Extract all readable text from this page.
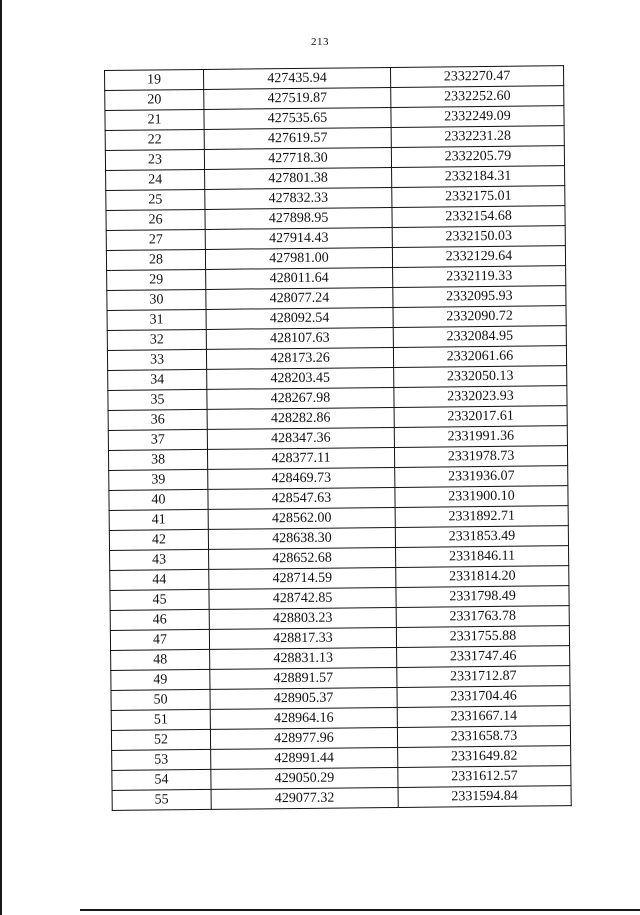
213
19	427435.94	2332270.47
20	427519.87	2332252.60
21	427535.65	2332249.09
22	427619.57	2332231.28
23	427718.30	2332205.79
24	427801.38	2332184.31
25	427832.33	2332175.01
26	427898.95	2332154.68
27	427914.43	2332150.03
28	427981.00	2332129.64
29	428011.64	2332119.33
30	428077.24	2332095.93
31	428092.54	2332090.72
32	428107.63	2332084.95
33	428173.26	2332061.66
34	428203.45	2332050.13
35	428267.98	2332023.93
36	428282.86	2332017.61
37	428347.36	2331991.36
38	428377.11	2331978.73
39	428469.73	2331936.07
40	428547.63	2331900.10
41	428562.00	2331892.71
42	428638.30	2331853.49
43	428652.68	2331846.11
44	428714.59	2331814.20
45	428742.85	2331798.49
46	428803.23	2331763.78
47	428817.33	2331755.88
48	428831.13	2331747.46
49	428891.57	2331712.87
50	428905.37	2331704.46
51	428964.16	2331667.14
52	428977.96	2331658.73
53	428991.44	2331649.82
54	429050.29	2331612.57
55	429077.32	2331594.84
